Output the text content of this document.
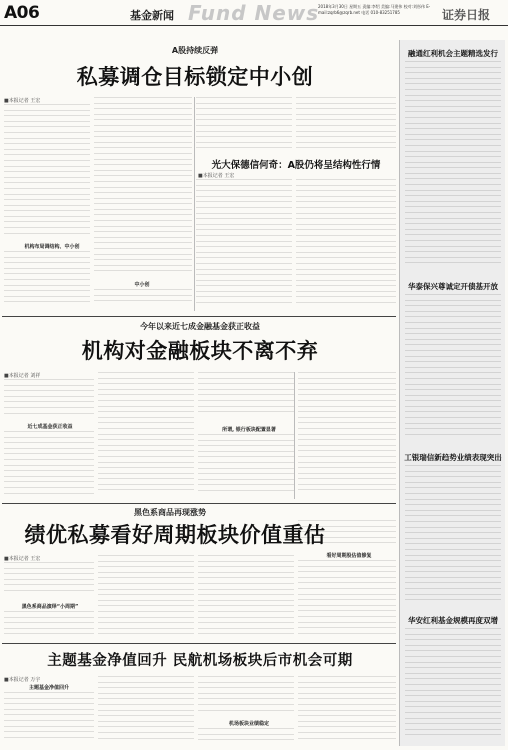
A06	基金新闻 Fund News
2018年3月30日 星期五 责编:李绍 美编:马建伟 校对:刘彤伟 E-mail:zqrb6@zqrb.net 电话 010-83251785	证券日报
A股持续反弹
私募调仓目标锁定中小创
■本报记者 王宏
机构布局调结构、中小创
中小创
光大保德信何奇：A股仍将呈结构性行情
■本报记者 王宏
今年以来近七成金融基金获正收益
机构对金融板块不离不弃
■本报记者 刘祥
近七成基金获正收益	所谓, 银行板块配置显著
黑色系商品再现涨势
绩优私募看好周期板块价值重估
■本报记者 王宏
黑色系商品演绎“小周期”
看好周期股估值修复
主题基金净值回升 民航机场板块后市机会可期
■本报记者 万宇
主题基金净值回升
机场板块业绩稳定
融通红利机会主题精选发行
华泰保兴尊诚定开债基开放
工银瑞信新趋势业绩表现突出
华安红利基金规模再度双增
